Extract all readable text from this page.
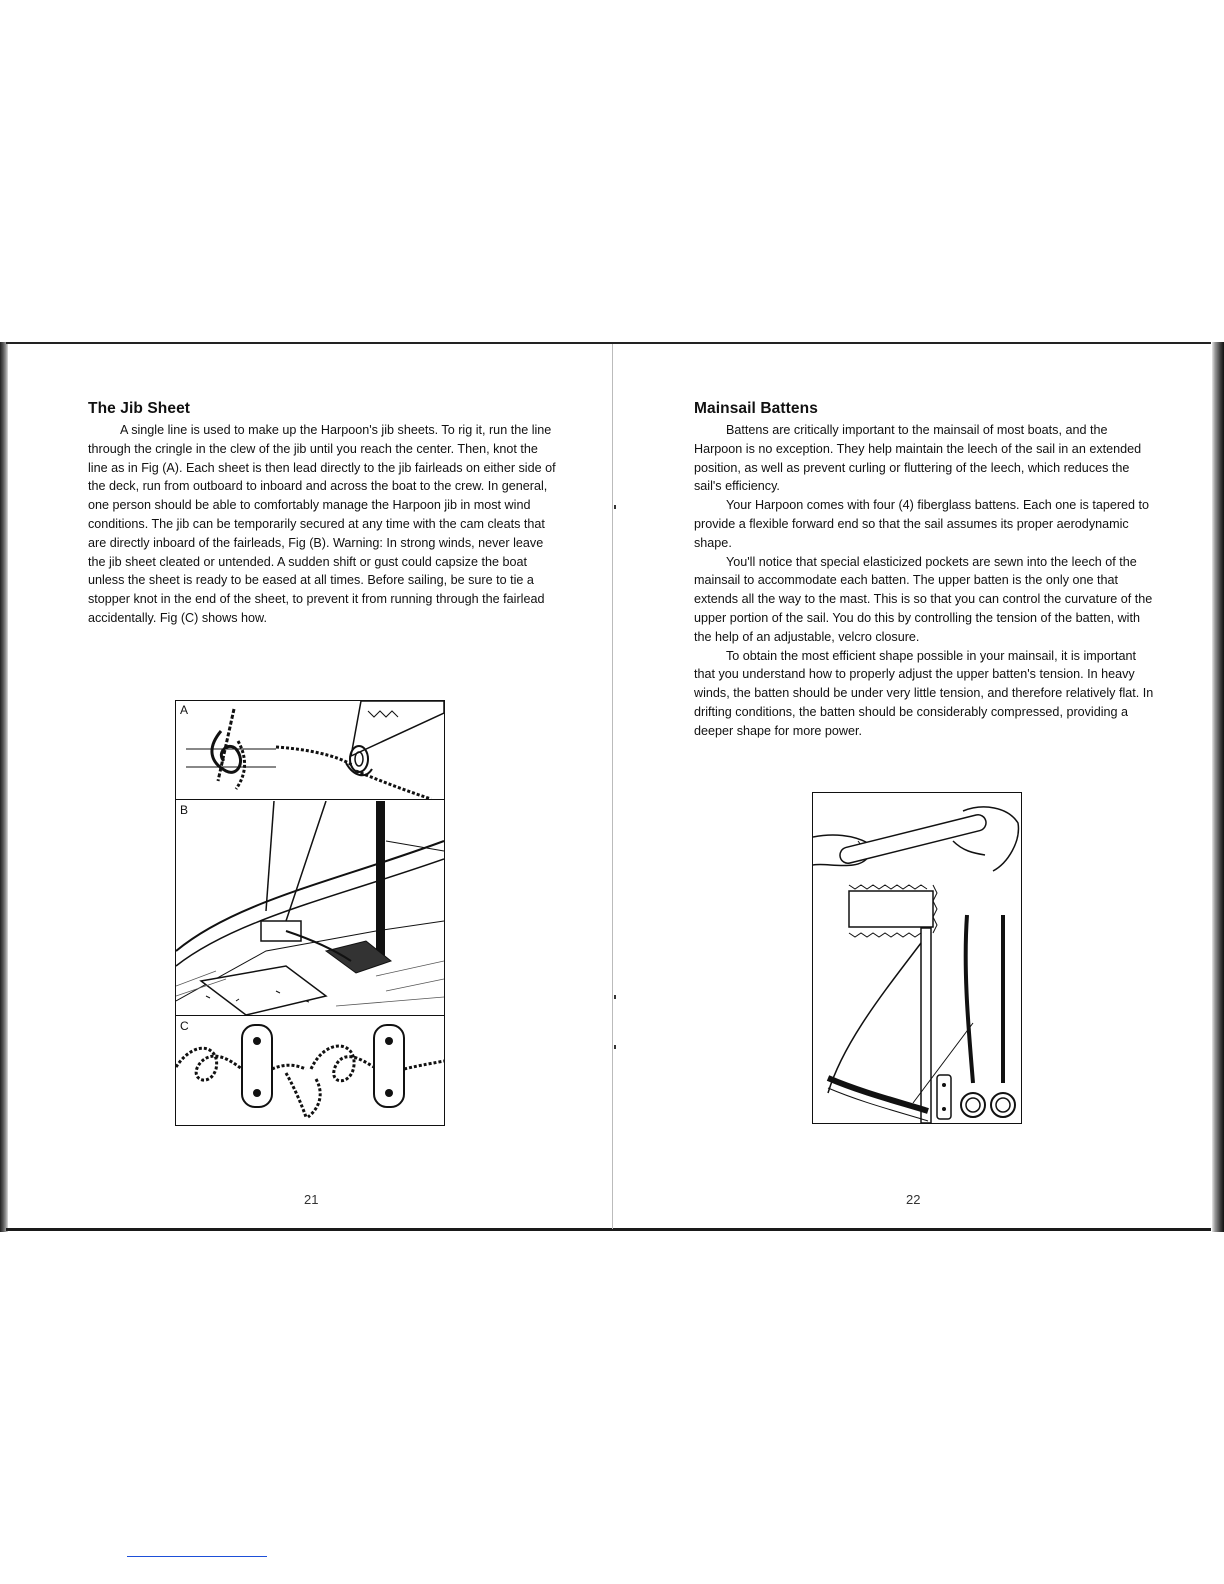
The Jib Sheet

A single line is used to make up the Harpoon's jib sheets. To rig it, run the line through the cringle in the clew of the jib until you reach the center. Then, knot the line as in Fig (A). Each sheet is then lead directly to the jib fairleads on either side of the deck, run from outboard to inboard and across the boat to the crew. In general, one person should be able to comfortably manage the Harpoon jib in most wind conditions. The jib can be temporarily secured at any time with the cam cleats that are directly inboard of the fairleads, Fig (B). Warning: In strong winds, never leave the jib sheet cleated or untended. A sudden shift or gust could capsize the boat unless the sheet is ready to be eased at all times. Before sailing, be sure to tie a stopper knot in the end of the sheet, to prevent it from running through the fairlead accidentally. Fig (C) shows how.

A
B
C
21
Mainsail Battens

Battens are critically important to the mainsail of most boats, and the Harpoon is no exception. They help maintain the leech of the sail in an extended position, as well as prevent curling or fluttering of the leech, which reduces the sail's efficiency.

Your Harpoon comes with four (4) fiberglass battens. Each one is tapered to provide a flexible forward end so that the sail assumes its proper aerodynamic shape.

You'll notice that special elasticized pockets are sewn into the leech of the mainsail to accommodate each batten. The upper batten is the only one that extends all the way to the mast. This is so that you can control the curvature of the upper portion of the sail. You do this by controlling the tension of the batten, with the help of an adjustable, velcro closure.

To obtain the most efficient shape possible in your mainsail, it is important that you understand how to properly adjust the upper batten's tension. In heavy winds, the batten should be under very little tension, and therefore relatively flat. In drifting conditions, the batten should be considerably compressed, providing a deeper shape for more power.

22
